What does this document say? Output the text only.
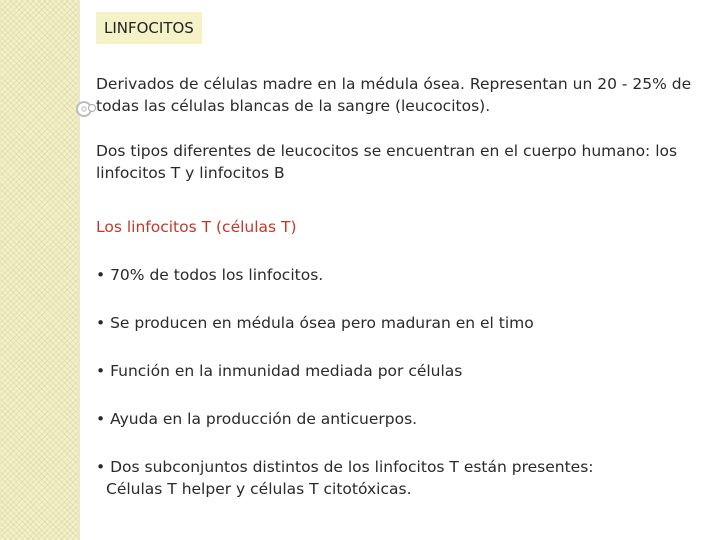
LINFOCITOS

Derivados de células madre en la médula ósea. Representan un 20 - 25% de todas las células blancas de la sangre (leucocitos).

Dos tipos diferentes de leucocitos se encuentran en el cuerpo humano: los linfocitos T y linfocitos B

Los linfocitos T (células T)

• 70% de todos los linfocitos.

• Se producen en médula ósea pero maduran en el timo

• Función en la inmunidad mediada por células

• Ayuda en la producción de anticuerpos.

• Dos subconjuntos distintos de los linfocitos T están presentes:
Células T helper y células T citotóxicas.
